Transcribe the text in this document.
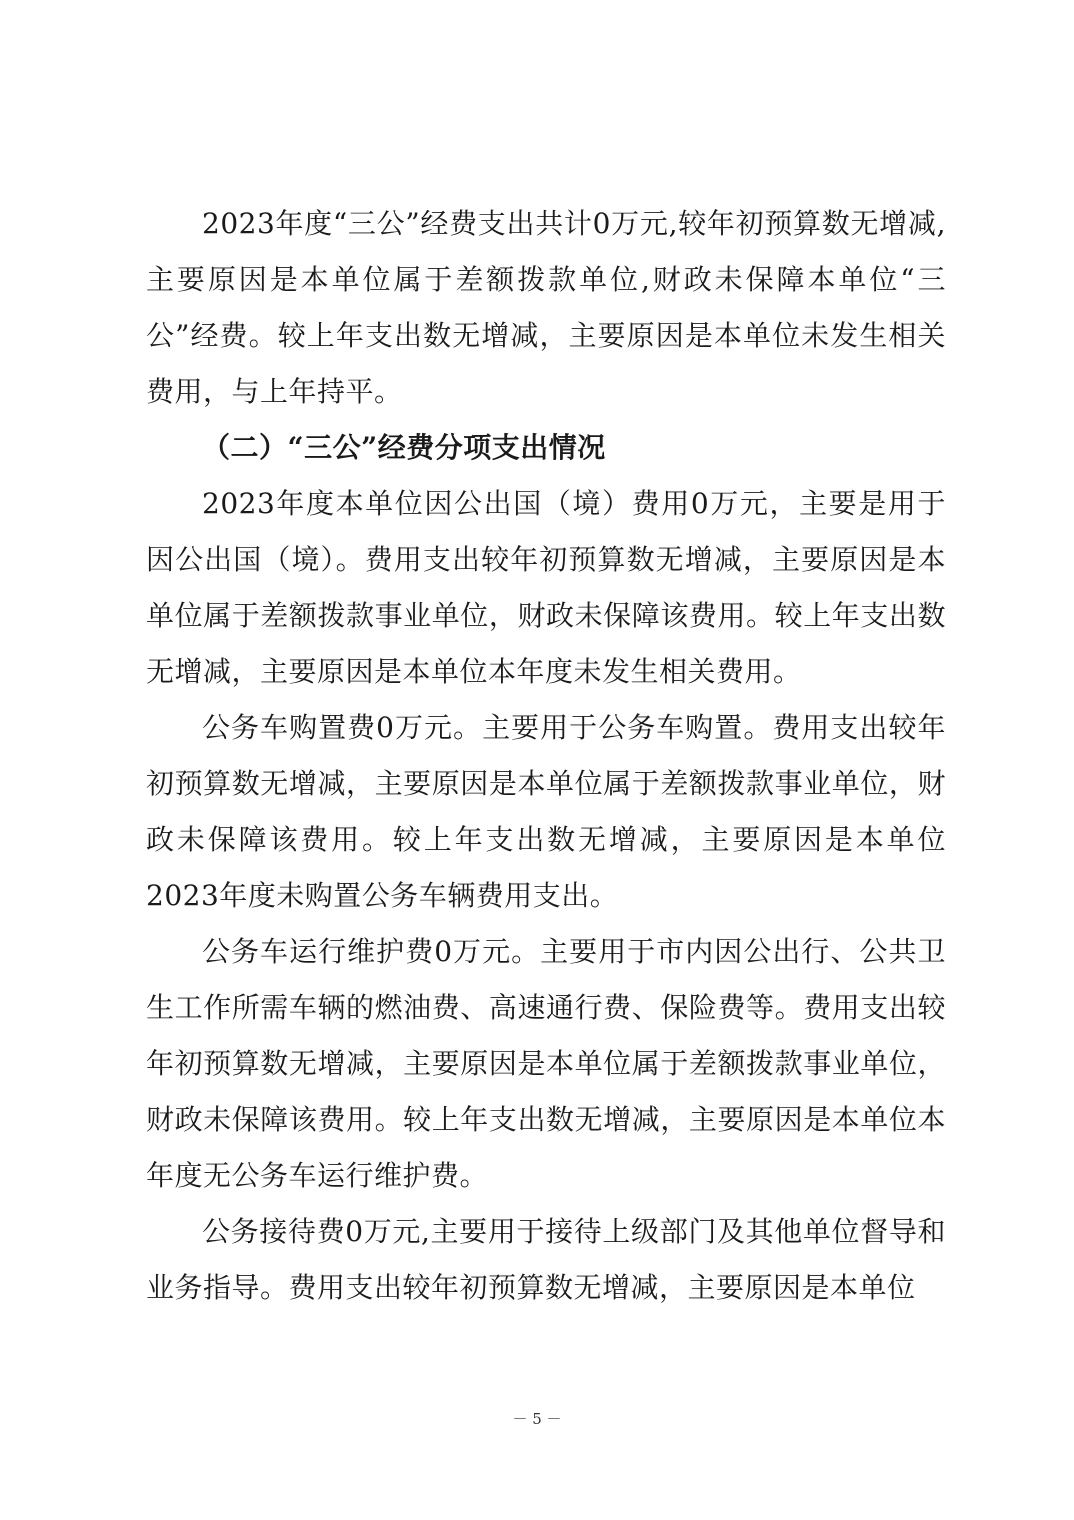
2023年度“三公”经费支出共计0万元,较年初预算数无增减,主要原因是本单位属于差额拨款单位,财政未保障本单位“三公”经费。较上年支出数无增减，主要原因是本单位未发生相关费用，与上年持平。

（二）“三公”经费分项支出情况

2023年度本单位因公出国（境）费用0万元，主要是用于因公出国（境）。费用支出较年初预算数无增减，主要原因是本单位属于差额拨款事业单位，财政未保障该费用。较上年支出数无增减，主要原因是本单位本年度未发生相关费用。

公务车购置费0万元。主要用于公务车购置。费用支出较年初预算数无增减，主要原因是本单位属于差额拨款事业单位，财政未保障该费用。较上年支出数无增减，主要原因是本单位2023年度未购置公务车辆费用支出。

公务车运行维护费0万元。主要用于市内因公出行、公共卫生工作所需车辆的燃油费、高速通行费、保险费等。费用支出较年初预算数无增减，主要原因是本单位属于差额拨款事业单位，财政未保障该费用。较上年支出数无增减，主要原因是本单位本年度无公务车运行维护费。

公务接待费0万元,主要用于接待上级部门及其他单位督导和业务指导。费用支出较年初预算数无增减，主要原因是本单位

－ 5 －
